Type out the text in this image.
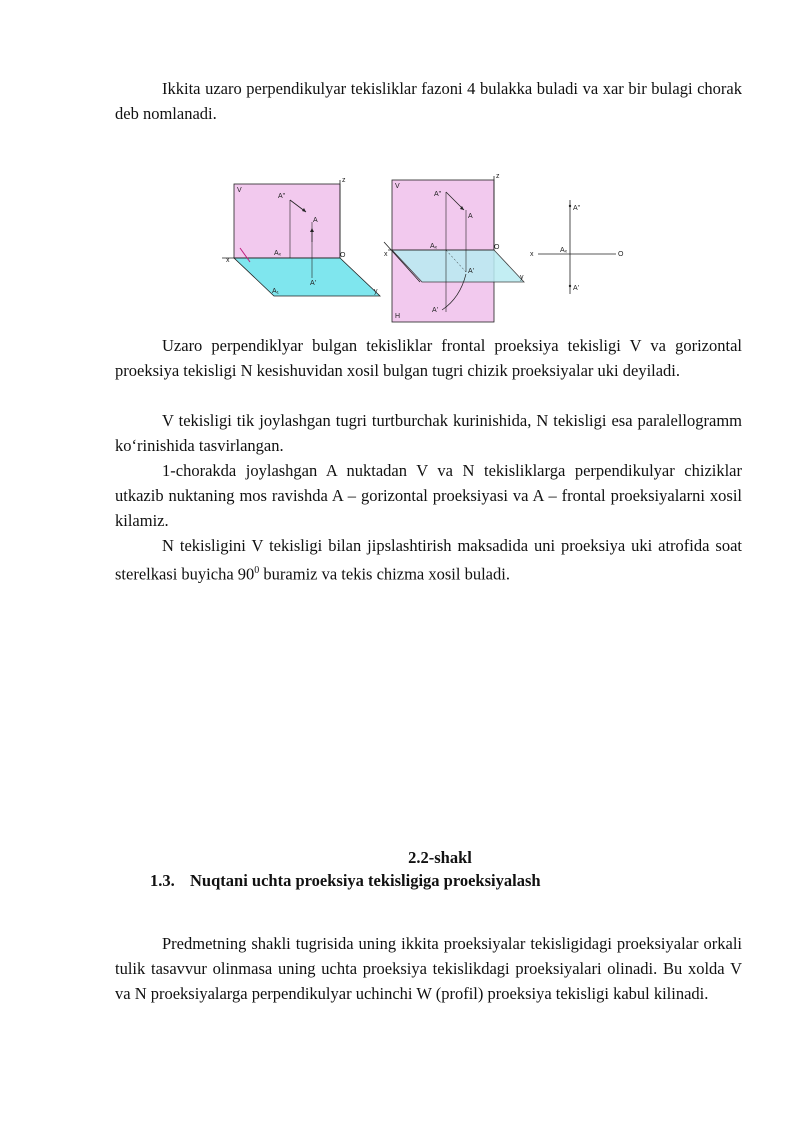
Ikkita uzaro perpendikulyar tekisliklar fazoni 4 bulakka buladi va xar bir bulagi chorak deb nomlanadi.

V
z
x
O
y
A"
A
Aₓ
A'
A₁
V
z
x
O
y
H
A"
A
Aₓ
A'
A'
x	O
Aₓ
A"
A'

Uzaro perpendiklyar bulgan tekisliklar frontal proeksiya tekisligi V va gorizontal proeksiya tekisligi N kesishuvidan xosil bulgan tugri chizik proeksiyalar uki deyiladi.

V tekisligi tik joylashgan tugri turtburchak kurinishida, N tekisligi esa paralellogramm ko‘rinishida tasvirlangan.

1-chorakda joylashgan A nuktadan V va N tekisliklarga perpendikulyar chiziklar utkazib nuktaning mos ravishda A – gorizontal proeksiyasi va A – frontal proeksiyalarni xosil kilamiz.

N tekisligini V tekisligi bilan jipslashtirish maksadida uni proeksiya uki atrofida soat sterelkasi buyicha $90^0$ buramiz va tekis chizma xosil buladi.

2.2-shakl

1.3. Nuqtani uchta proeksiya tekisligiga proeksiyalash

Predmetning shakli tugrisida uning ikkita proeksiyalar tekisligidagi proeksiyalar orkali tulik tasavvur olinmasa uning uchta proeksiya tekislikdagi proeksiyalari olinadi. Bu xolda V va N proeksiyalarga perpendikulyar uchinchi W (profil) proeksiya tekisligi kabul kilinadi.
